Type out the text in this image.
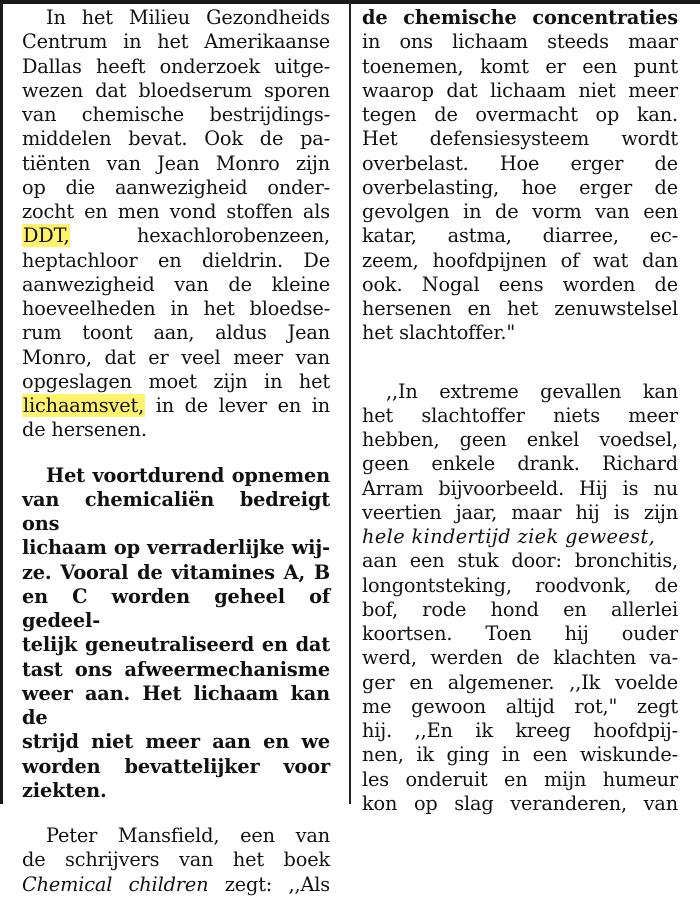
In het Milieu Gezondheids
Centrum in het Amerikaanse
Dallas heeft onderzoek uitge-
wezen dat bloedserum sporen
van chemische bestrijdings-
middelen bevat. Ook de pa-
tiënten van Jean Monro zijn
op die aanwezigheid onder-
zocht en men vond stoffen als
DDT,	hexachlorobenzeen,
heptachloor en dieldrin. De
aanwezigheid van de kleine
hoeveelheden in het bloedse-
rum toont aan, aldus Jean
Monro, dat er veel meer van
opgeslagen moet zijn in het
lichaamsvet, in de lever en in
de hersenen.

Het voortdurend opnemen
van chemicaliën bedreigt ons
lichaam op verraderlijke wij-
ze. Vooral de vitamines A, B
en C worden geheel of gedeel-
telijk geneutraliseerd en dat
tast ons afweermechanisme
weer aan. Het lichaam kan de
strijd niet meer aan en we
worden bevattelijker voor
ziekten.

Peter Mansfield, een van
de schrijvers van het boek
Chemical children zegt: ,,Als

de chemische concentraties
in ons lichaam steeds maar
toenemen, komt er een punt
waarop dat lichaam niet meer
tegen de overmacht op kan.
Het defensiesysteem wordt
overbelast. Hoe erger de
overbelasting, hoe erger de
gevolgen in de vorm van een
katar, astma, diarree, ec-
zeem, hoofdpijnen of wat dan
ook. Nogal eens worden de
hersenen en het zenuwstelsel
het slachtoffer."

,,In extreme gevallen kan
het slachtoffer niets meer
hebben, geen enkel voedsel,
geen enkele drank. Richard
Arram bijvoorbeeld. Hij is nu
veertien jaar, maar hij is zijn
hele kindertijd ziek geweest,
aan een stuk door: bronchitis,
longontsteking, roodvonk, de
bof, rode hond en allerlei
koortsen. Toen hij ouder
werd, werden de klachten va-
ger en algemener. ,,Ik voelde
me gewoon altijd rot," zegt
hij. ,,En ik kreeg hoofdpij-
nen, ik ging in een wiskunde-
les onderuit en mijn humeur
kon op slag veranderen, van
